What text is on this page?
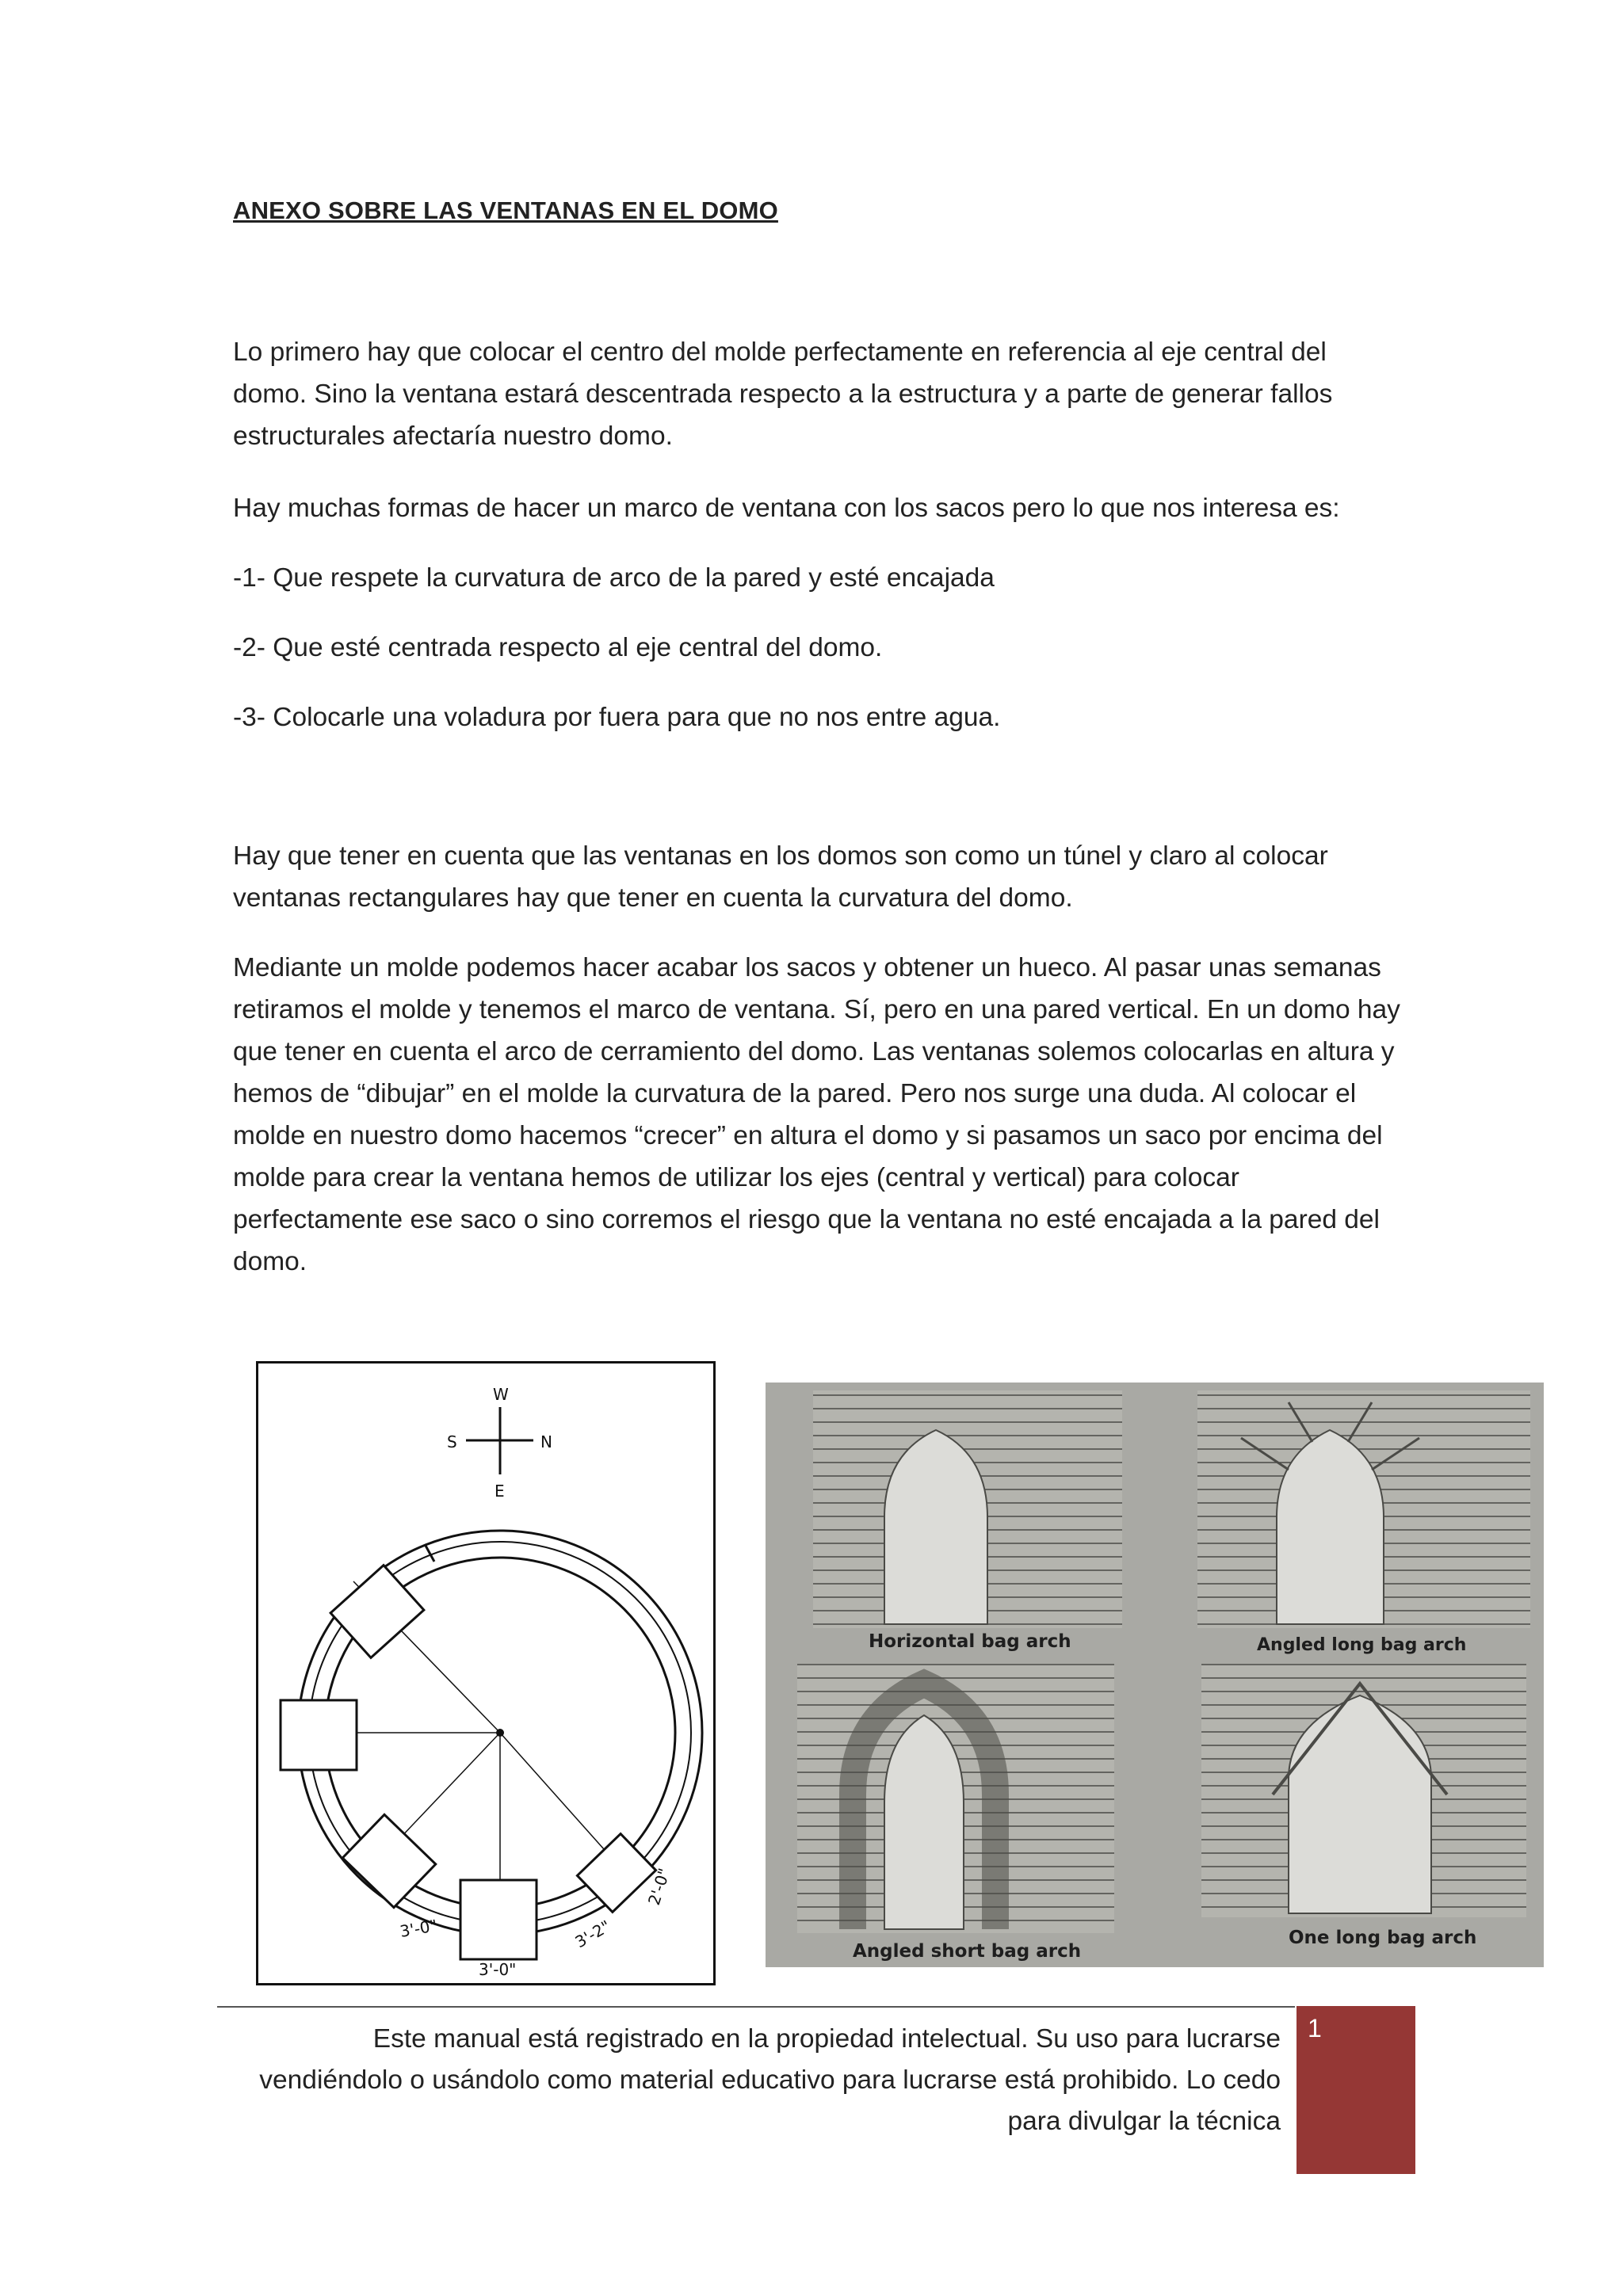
ANEXO SOBRE LAS VENTANAS EN EL DOMO

Lo primero hay que colocar el centro del molde perfectamente en referencia al eje central del domo. Sino la ventana estará descentrada respecto a la estructura y a parte de generar fallos estructurales afectaría nuestro domo.

Hay muchas formas de hacer un marco de ventana con los sacos pero lo que nos interesa es:

-1- Que respete la curvatura de arco de la pared y esté encajada

-2- Que esté centrada respecto al eje central del domo.

-3- Colocarle una voladura por fuera para que no nos entre agua.

Hay que tener en cuenta que las ventanas en los domos son como un túnel y claro al colocar ventanas rectangulares hay que tener en cuenta la curvatura del domo.

Mediante un molde podemos hacer acabar los sacos y obtener un hueco. Al pasar unas semanas retiramos el molde y tenemos el marco de ventana. Sí, pero en una pared vertical. En un domo hay que tener en cuenta el arco de cerramiento del domo. Las ventanas solemos colocarlas en altura y hemos de “dibujar” en el molde la curvatura de la pared. Pero nos surge una duda. Al colocar el molde en nuestro domo hacemos “crecer” en altura el domo y si pasamos un saco por encima del molde para crear la ventana hemos de utilizar los ejes (central y vertical) para colocar perfectamente ese saco o sino corremos el riesgo que la ventana no esté encajada a la pared del domo.

W
S	N
E
3'-0"
3'-0"
3'-2"
2'-0"
Horizontal bag arch	Angled long bag arch
Angled short bag arch
One long bag arch

Este manual está registrado en la propiedad intelectual. Su uso para lucrarse vendiéndolo o usándolo como material educativo para lucrarse está prohibido. Lo cedo para divulgar la técnica

1
